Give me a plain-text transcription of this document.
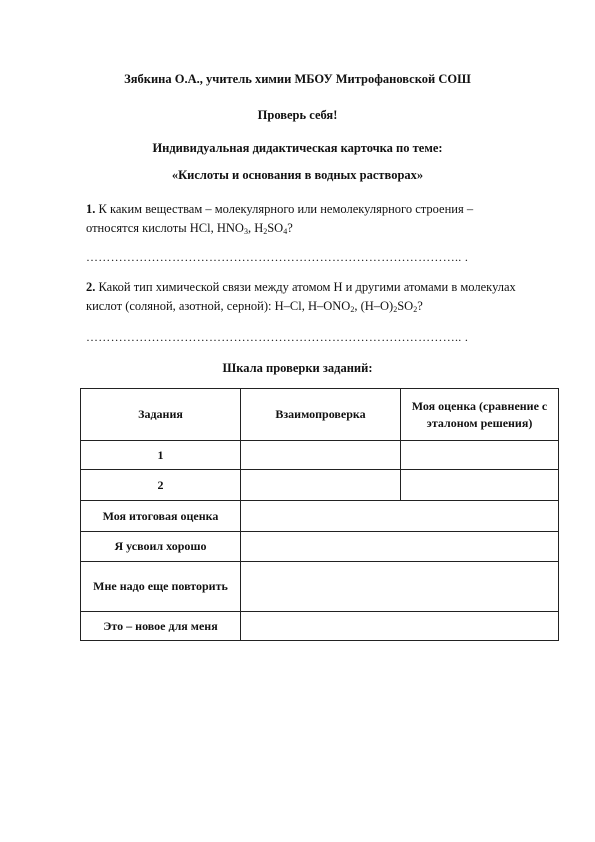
Зябкина О.А., учитель химии МБОУ Митрофановской СОШ
Проверь себя!
Индивидуальная дидактическая карточка по теме:
«Кислоты и основания в водных растворах»
1. К каким веществам – молекулярного или немолекулярного строения – относятся кислоты HCl, $HNO_3$, $H_2SO_4$?
……………………………………………………………………………….. .
2. Какой тип химической связи между атомом H и другими атомами в молекулах кислот (соляной, азотной, серной): H–Cl, $H-ONO_2$, $(H-O)_2SO_2$?
……………………………………………………………………………….. .
Шкала проверки заданий:
Задания	Взаимопроверка	Моя оценка (сравнение с эталоном решения)
1		
2		
Моя итоговая оценка		
Я усвоил хорошо		
Мне надо еще повторить		
Это – новое для меня		
